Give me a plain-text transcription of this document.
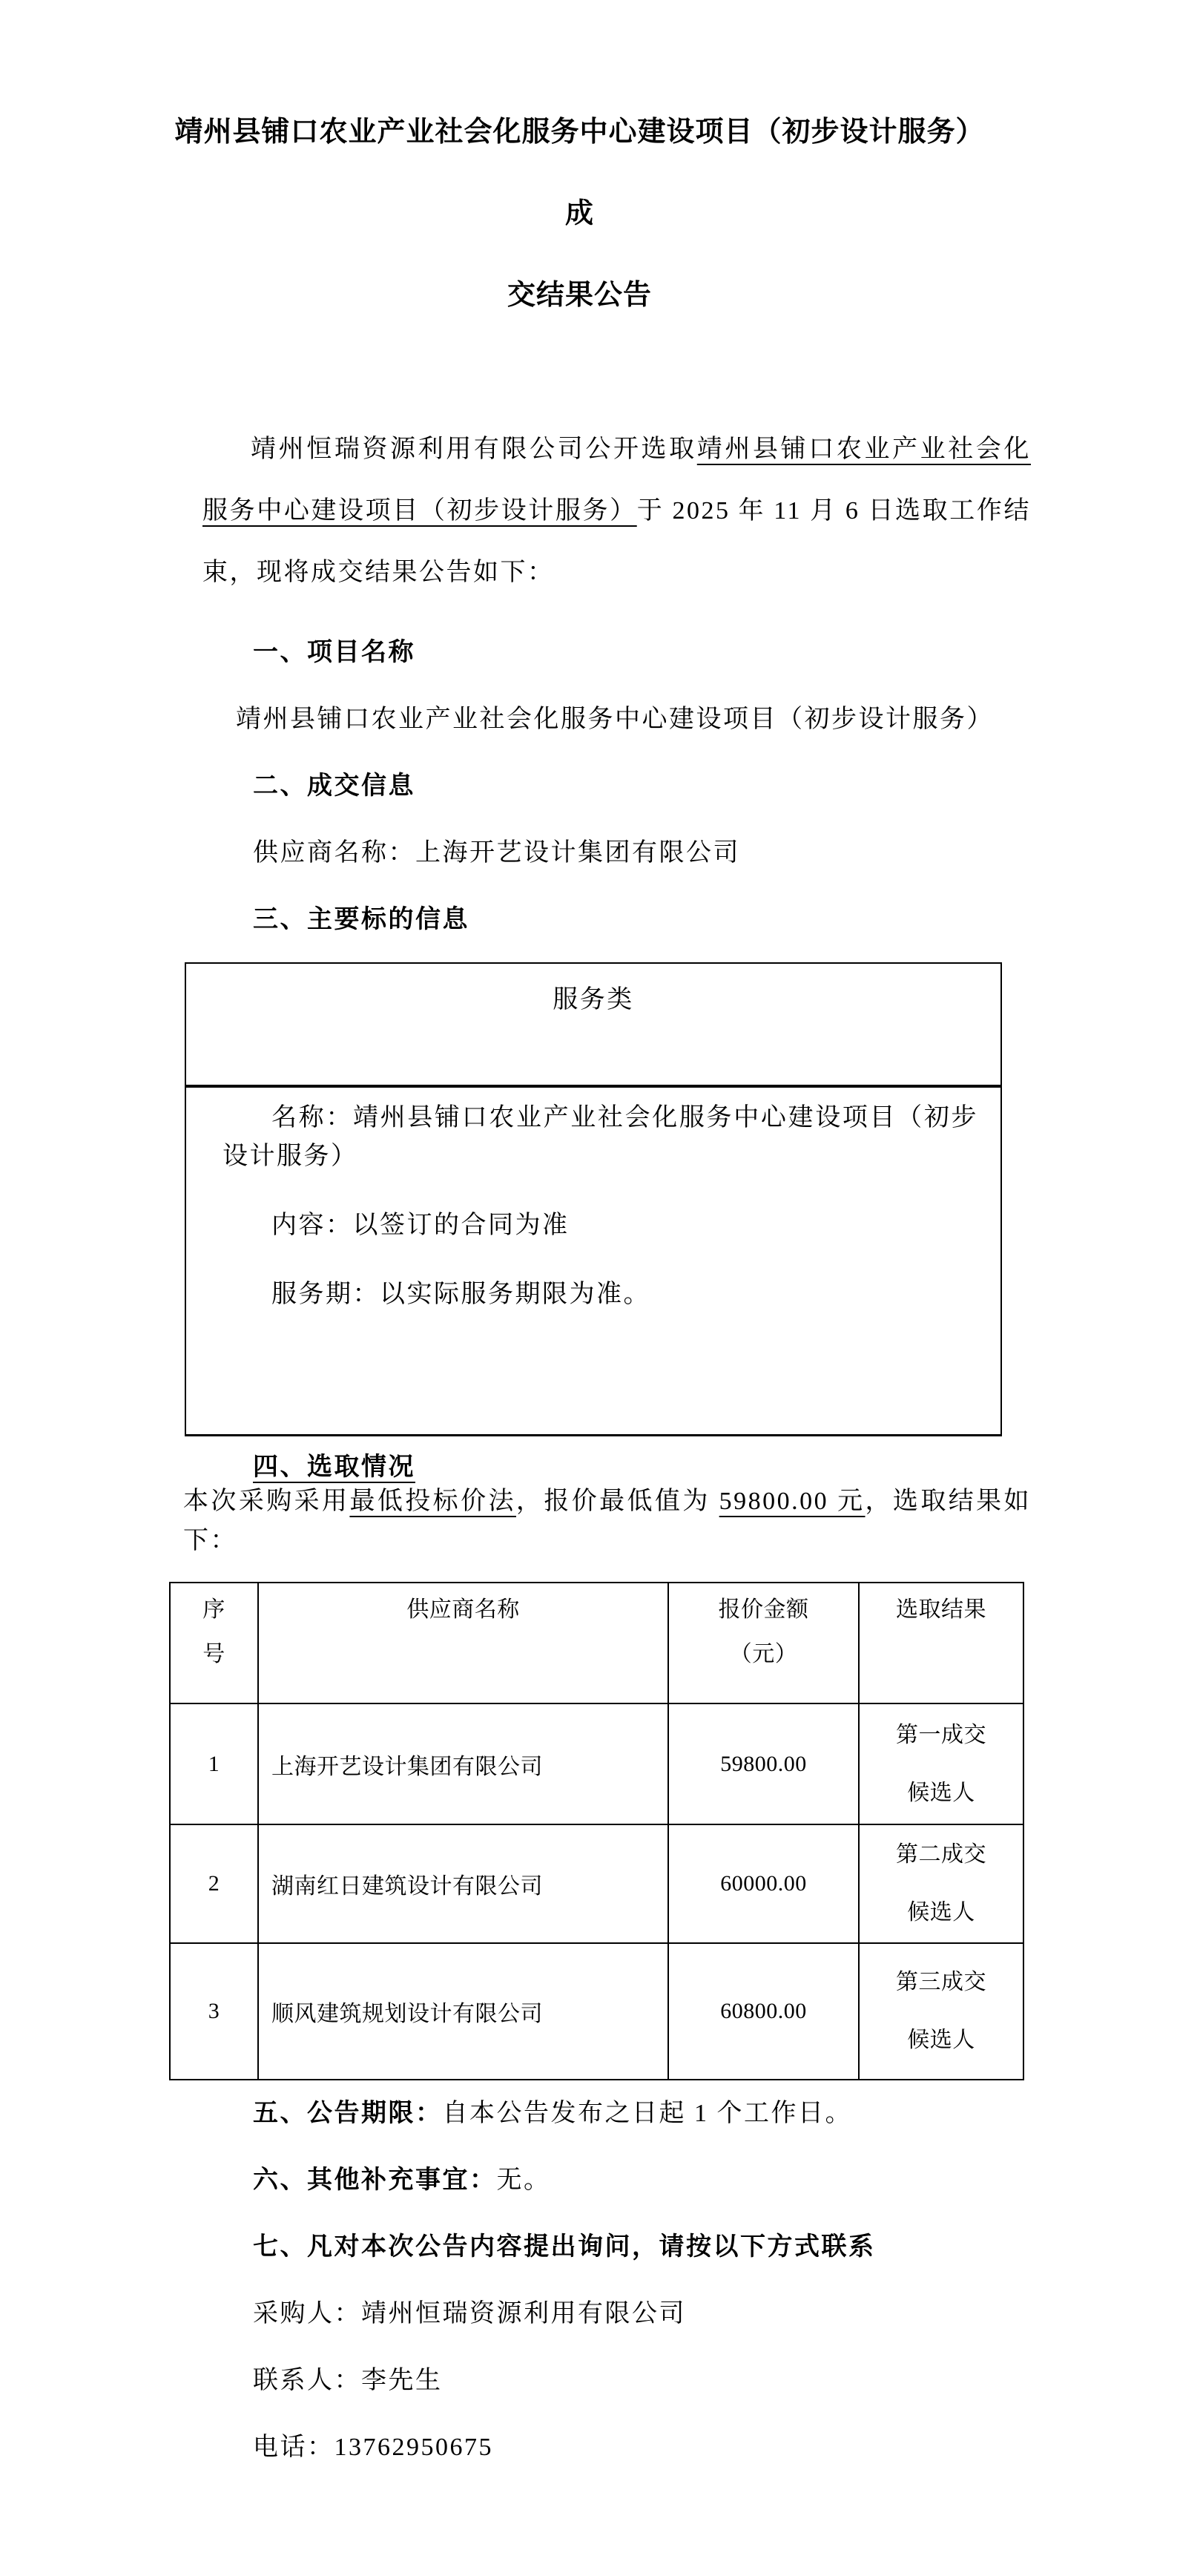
靖州县铺口农业产业社会化服务中心建设项目（初步设计服务）成
交结果公告

靖州恒瑞资源利用有限公司公开选取靖州县铺口农业产业社会化服务中心建设项目（初步设计服务）于 2025 年 11 月 6 日选取工作结束，现将成交结果公告如下：

一、项目名称

靖州县铺口农业产业社会化服务中心建设项目（初步设计服务）

二、成交信息

供应商名称：上海开艺设计集团有限公司

三、主要标的信息

服务类

名称：靖州县铺口农业产业社会化服务中心建设项目（初步设计服务）

内容：以签订的合同为准

服务期：以实际服务期限为准。

四、选取情况

本次采购采用最低投标价法，报价最低值为 59800.00 元，选取结果如下：

序号	供应商名称	报价金额（元）	选取结果
1	上海开艺设计集团有限公司	59800.00	第一成交候选人
2	湖南红日建筑设计有限公司	60000.00	第二成交候选人
3	顺风建筑规划设计有限公司	60800.00	第三成交候选人

五、公告期限：自本公告发布之日起 1 个工作日。

六、其他补充事宜：无。

七、凡对本次公告内容提出询问，请按以下方式联系

采购人：靖州恒瑞资源利用有限公司

联系人：李先生

电话：13762950675
